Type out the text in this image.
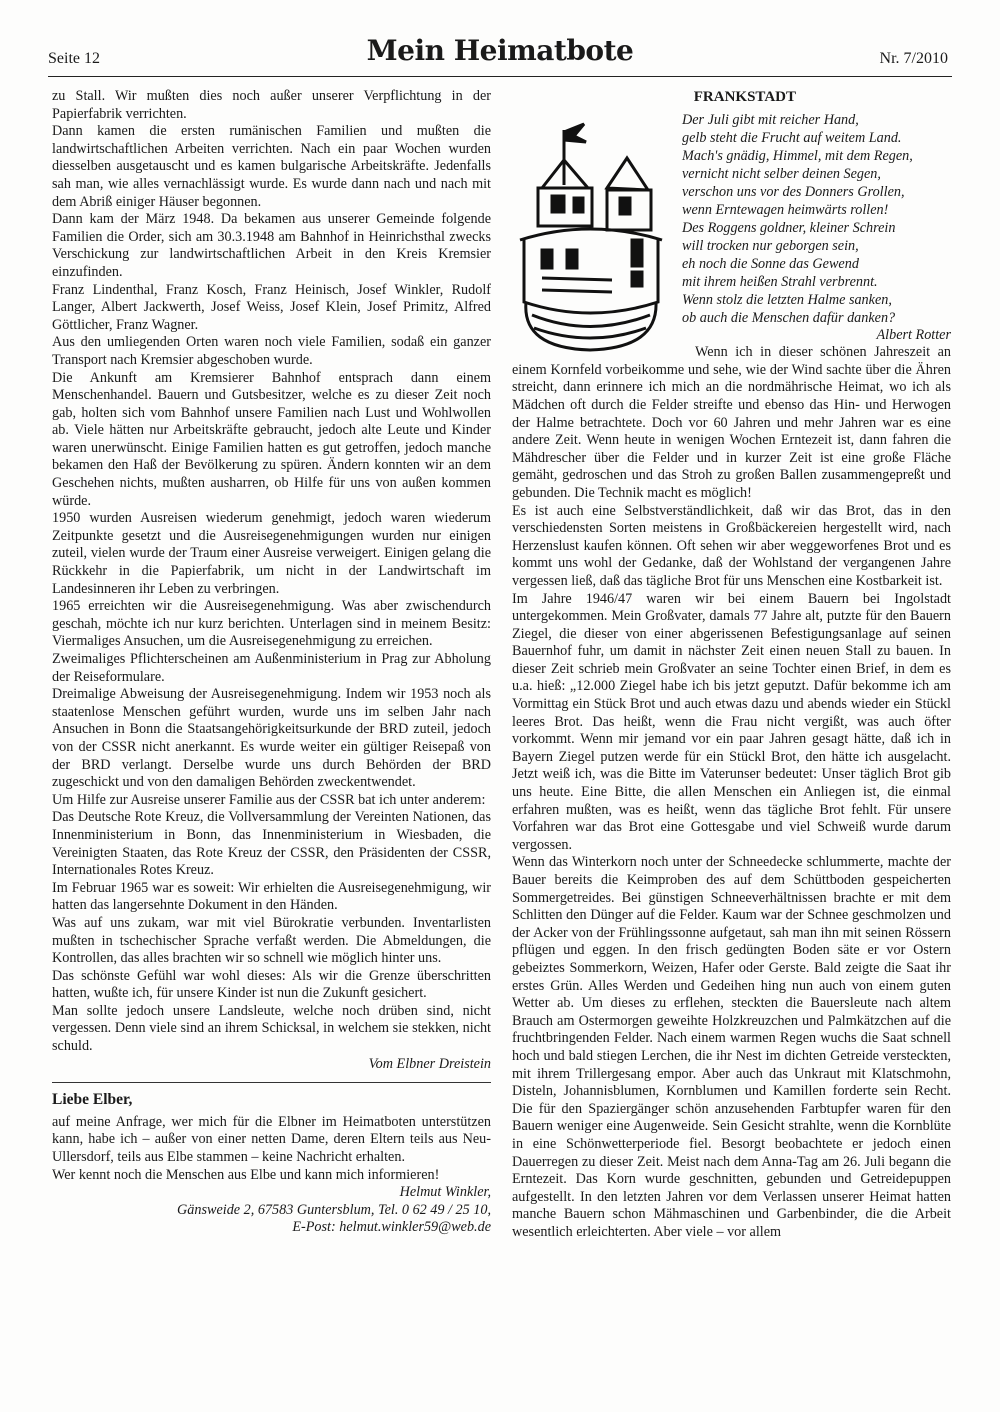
Seite 12	Mein Heimatbote	Nr. 7/2010

zu Stall. Wir mußten dies noch außer unserer Verpflichtung in der Papierfabrik verrichten.

Dann kamen die ersten rumänischen Familien und mußten die landwirtschaftlichen Arbeiten verrichten. Nach ein paar Wochen wurden diesselben ausgetauscht und es kamen bulgarische Arbeitskräfte. Jedenfalls sah man, wie alles vernachlässigt wurde. Es wurde dann nach und nach mit dem Abriß einiger Häuser begonnen.

Dann kam der März 1948. Da bekamen aus unserer Gemeinde folgende Familien die Order, sich am 30.3.1948 am Bahnhof in Heinrichsthal zwecks Verschickung zur landwirtschaftlichen Arbeit in den Kreis Kremsier einzufinden.

Franz Lindenthal, Franz Kosch, Franz Heinisch, Josef Winkler, Rudolf Langer, Albert Jackwerth, Josef Weiss, Josef Klein, Josef Primitz, Alfred Göttlicher, Franz Wagner.

Aus den umliegenden Orten waren noch viele Familien, sodaß ein ganzer Transport nach Kremsier abgeschoben wurde.

Die Ankunft am Kremsierer Bahnhof entsprach dann einem Menschenhandel. Bauern und Gutsbesitzer, welche es zu dieser Zeit noch gab, holten sich vom Bahnhof unsere Familien nach Lust und Wohlwollen ab. Viele hätten nur Arbeitskräfte gebraucht, jedoch alte Leute und Kinder waren unerwünscht. Einige Familien hatten es gut getroffen, jedoch manche bekamen den Haß der Bevölkerung zu spüren. Ändern konnten wir an dem Geschehen nichts, mußten ausharren, ob Hilfe für uns von außen kommen würde.

1950 wurden Ausreisen wiederum genehmigt, jedoch waren wiederum Zeitpunkte gesetzt und die Ausreisegenehmigungen wurden nur einigen zuteil, vielen wurde der Traum einer Ausreise verweigert. Einigen gelang die Rückkehr in die Papierfabrik, um nicht in der Landwirtschaft im Landesinneren ihr Leben zu verbringen.

1965 erreichten wir die Ausreisegenehmigung. Was aber zwischendurch geschah, möchte ich nur kurz berichten. Unterlagen sind in meinem Besitz: Viermaliges Ansuchen, um die Ausreisegenehmigung zu erreichen.

Zweimaliges Pflichterscheinen am Außenministerium in Prag zur Abholung der Reiseformulare.

Dreimalige Abweisung der Ausreisegenehmigung. Indem wir 1953 noch als staatenlose Menschen geführt wurden, wurde uns im selben Jahr nach Ansuchen in Bonn die Staatsangehörigkeitsurkunde der BRD zuteil, jedoch von der CSSR nicht anerkannt. Es wurde weiter ein gültiger Reisepaß von der BRD verlangt. Derselbe wurde uns durch Behörden der BRD zugeschickt und von den damaligen Behörden zweckentwendet.

Um Hilfe zur Ausreise unserer Familie aus der CSSR bat ich unter anderem:

Das Deutsche Rote Kreuz, die Vollversammlung der Vereinten Nationen, das Innenministerium in Bonn, das Innenministerium in Wiesbaden, die Vereinigten Staaten, das Rote Kreuz der CSSR, den Präsidenten der CSSR, Internationales Rotes Kreuz.

Im Februar 1965 war es soweit: Wir erhielten die Ausreisegenehmigung, wir hatten das langersehnte Dokument in den Händen.

Was auf uns zukam, war mit viel Bürokratie verbunden. Inventarlisten mußten in tschechischer Sprache verfaßt werden. Die Abmeldungen, die Kontrollen, das alles brachten wir so schnell wie möglich hinter uns.

Das schönste Gefühl war wohl dieses: Als wir die Grenze überschritten hatten, wußte ich, für unsere Kinder ist nun die Zukunft gesichert.

Man sollte jedoch unsere Landsleute, welche noch drüben sind, nicht vergessen. Denn viele sind an ihrem Schicksal, in welchem sie stekken, nicht schuld.

Vom Elbner Dreistein
Liebe Elber,

auf meine Anfrage, wer mich für die Elbner im Heimatboten unterstützen kann, habe ich – außer von einer netten Dame, deren Eltern teils aus Neu-Ullersdorf, teils aus Elbe stammen – keine Nachricht erhalten.

Wer kennt noch die Menschen aus Elbe und kann mich informieren!

Helmut Winkler,
Gänsweide 2, 67583 Guntersblum, Tel. 0 62 49 / 25 10,
E-Post: helmut.winkler59@web.de
FRANKSTADT
Der Juli gibt mit reicher Hand,
gelb steht die Frucht auf weitem Land.
Mach's gnädig, Himmel, mit dem Regen,
vernicht nicht selber deinen Segen,
verschon uns vor des Donners Grollen,
wenn Erntewagen heimwärts rollen!
Des Roggens goldner, kleiner Schrein
will trocken nur geborgen sein,
eh noch die Sonne das Gewend
mit ihrem heißen Strahl verbrennt.
Wenn stolz die letzten Halme sanken,
ob auch die Menschen dafür danken?
Albert Rotter

Wenn ich in dieser schönen Jahreszeit an einem Kornfeld vorbeikomme und sehe, wie der Wind sachte über die Ähren streicht, dann erinnere ich mich an die nordmährische Heimat, wo ich als Mädchen oft durch die Felder streifte und ebenso das Hin- und Herwogen der Halme betrachtete. Doch vor 60 Jahren und mehr Jahren war es eine andere Zeit. Wenn heute in wenigen Wochen Erntezeit ist, dann fahren die Mähdrescher über die Felder und in kurzer Zeit ist eine große Fläche gemäht, gedroschen und das Stroh zu großen Ballen zusammengepreßt und gebunden. Die Technik macht es möglich!

Es ist auch eine Selbstverständlichkeit, daß wir das Brot, das in den verschiedensten Sorten meistens in Großbäckereien hergestellt wird, nach Herzenslust kaufen können. Oft sehen wir aber weggeworfenes Brot und es kommt uns wohl der Gedanke, daß der Wohlstand der vergangenen Jahre vergessen ließ, daß das tägliche Brot für uns Menschen eine Kostbarkeit ist.

Im Jahre 1946/47 waren wir bei einem Bauern bei Ingolstadt untergekommen. Mein Großvater, damals 77 Jahre alt, putzte für den Bauern Ziegel, die dieser von einer abgerissenen Befestigungsanlage auf seinen Bauernhof fuhr, um damit in nächster Zeit einen neuen Stall zu bauen. In dieser Zeit schrieb mein Großvater an seine Tochter einen Brief, in dem es u.a. hieß: „12.000 Ziegel habe ich bis jetzt geputzt. Dafür bekomme ich am Vormittag ein Stück Brot und auch etwas dazu und abends wieder ein Stückl leeres Brot. Das heißt, wenn die Frau nicht vergißt, was auch öfter vorkommt. Wenn mir jemand vor ein paar Jahren gesagt hätte, daß ich in Bayern Ziegel putzen werde für ein Stückl Brot, den hätte ich ausgelacht. Jetzt weiß ich, was die Bitte im Vaterunser bedeutet: Unser täglich Brot gib uns heute. Eine Bitte, die allen Menschen ein Anliegen ist, die einmal erfahren mußten, was es heißt, wenn das tägliche Brot fehlt. Für unsere Vorfahren war das Brot eine Gottesgabe und viel Schweiß wurde darum vergossen.

Wenn das Winterkorn noch unter der Schneedecke schlummerte, machte der Bauer bereits die Keimproben des auf dem Schüttboden gespeicherten Sommergetreides. Bei günstigen Schneeverhältnissen brachte er mit dem Schlitten den Dünger auf die Felder. Kaum war der Schnee geschmolzen und der Acker von der Frühlingssonne aufgetaut, sah man ihn mit seinen Rössern pflügen und eggen. In den frisch gedüngten Boden säte er vor Ostern gebeiztes Sommerkorn, Weizen, Hafer oder Gerste. Bald zeigte die Saat ihr erstes Grün. Alles Werden und Gedeihen hing nun auch von einem guten Wetter ab. Um dieses zu erflehen, steckten die Bauersleute nach altem Brauch am Ostermorgen geweihte Holzkreuzchen und Palmkätzchen auf die fruchtbringenden Felder. Nach einem warmen Regen wuchs die Saat schnell hoch und bald stiegen Lerchen, die ihr Nest im dichten Getreide versteckten, mit ihrem Trillergesang empor. Aber auch das Unkraut mit Klatschmohn, Disteln, Johannisblumen, Kornblumen und Kamillen forderte sein Recht. Die für den Spaziergänger schön anzusehenden Farbtupfer waren für den Bauern weniger eine Augenweide. Sein Gesicht strahlte, wenn die Kornblüte in eine Schönwetterperiode fiel. Besorgt beobachtete er jedoch einen Dauerregen zu dieser Zeit. Meist nach dem Anna-Tag am 26. Juli begann die Erntezeit. Das Korn wurde geschnitten, gebunden und Getreidepuppen aufgestellt. In den letzten Jahren vor dem Verlassen unserer Heimat hatten manche Bauern schon Mähmaschinen und Garbenbinder, die die Arbeit wesentlich erleichterten. Aber viele – vor allem
